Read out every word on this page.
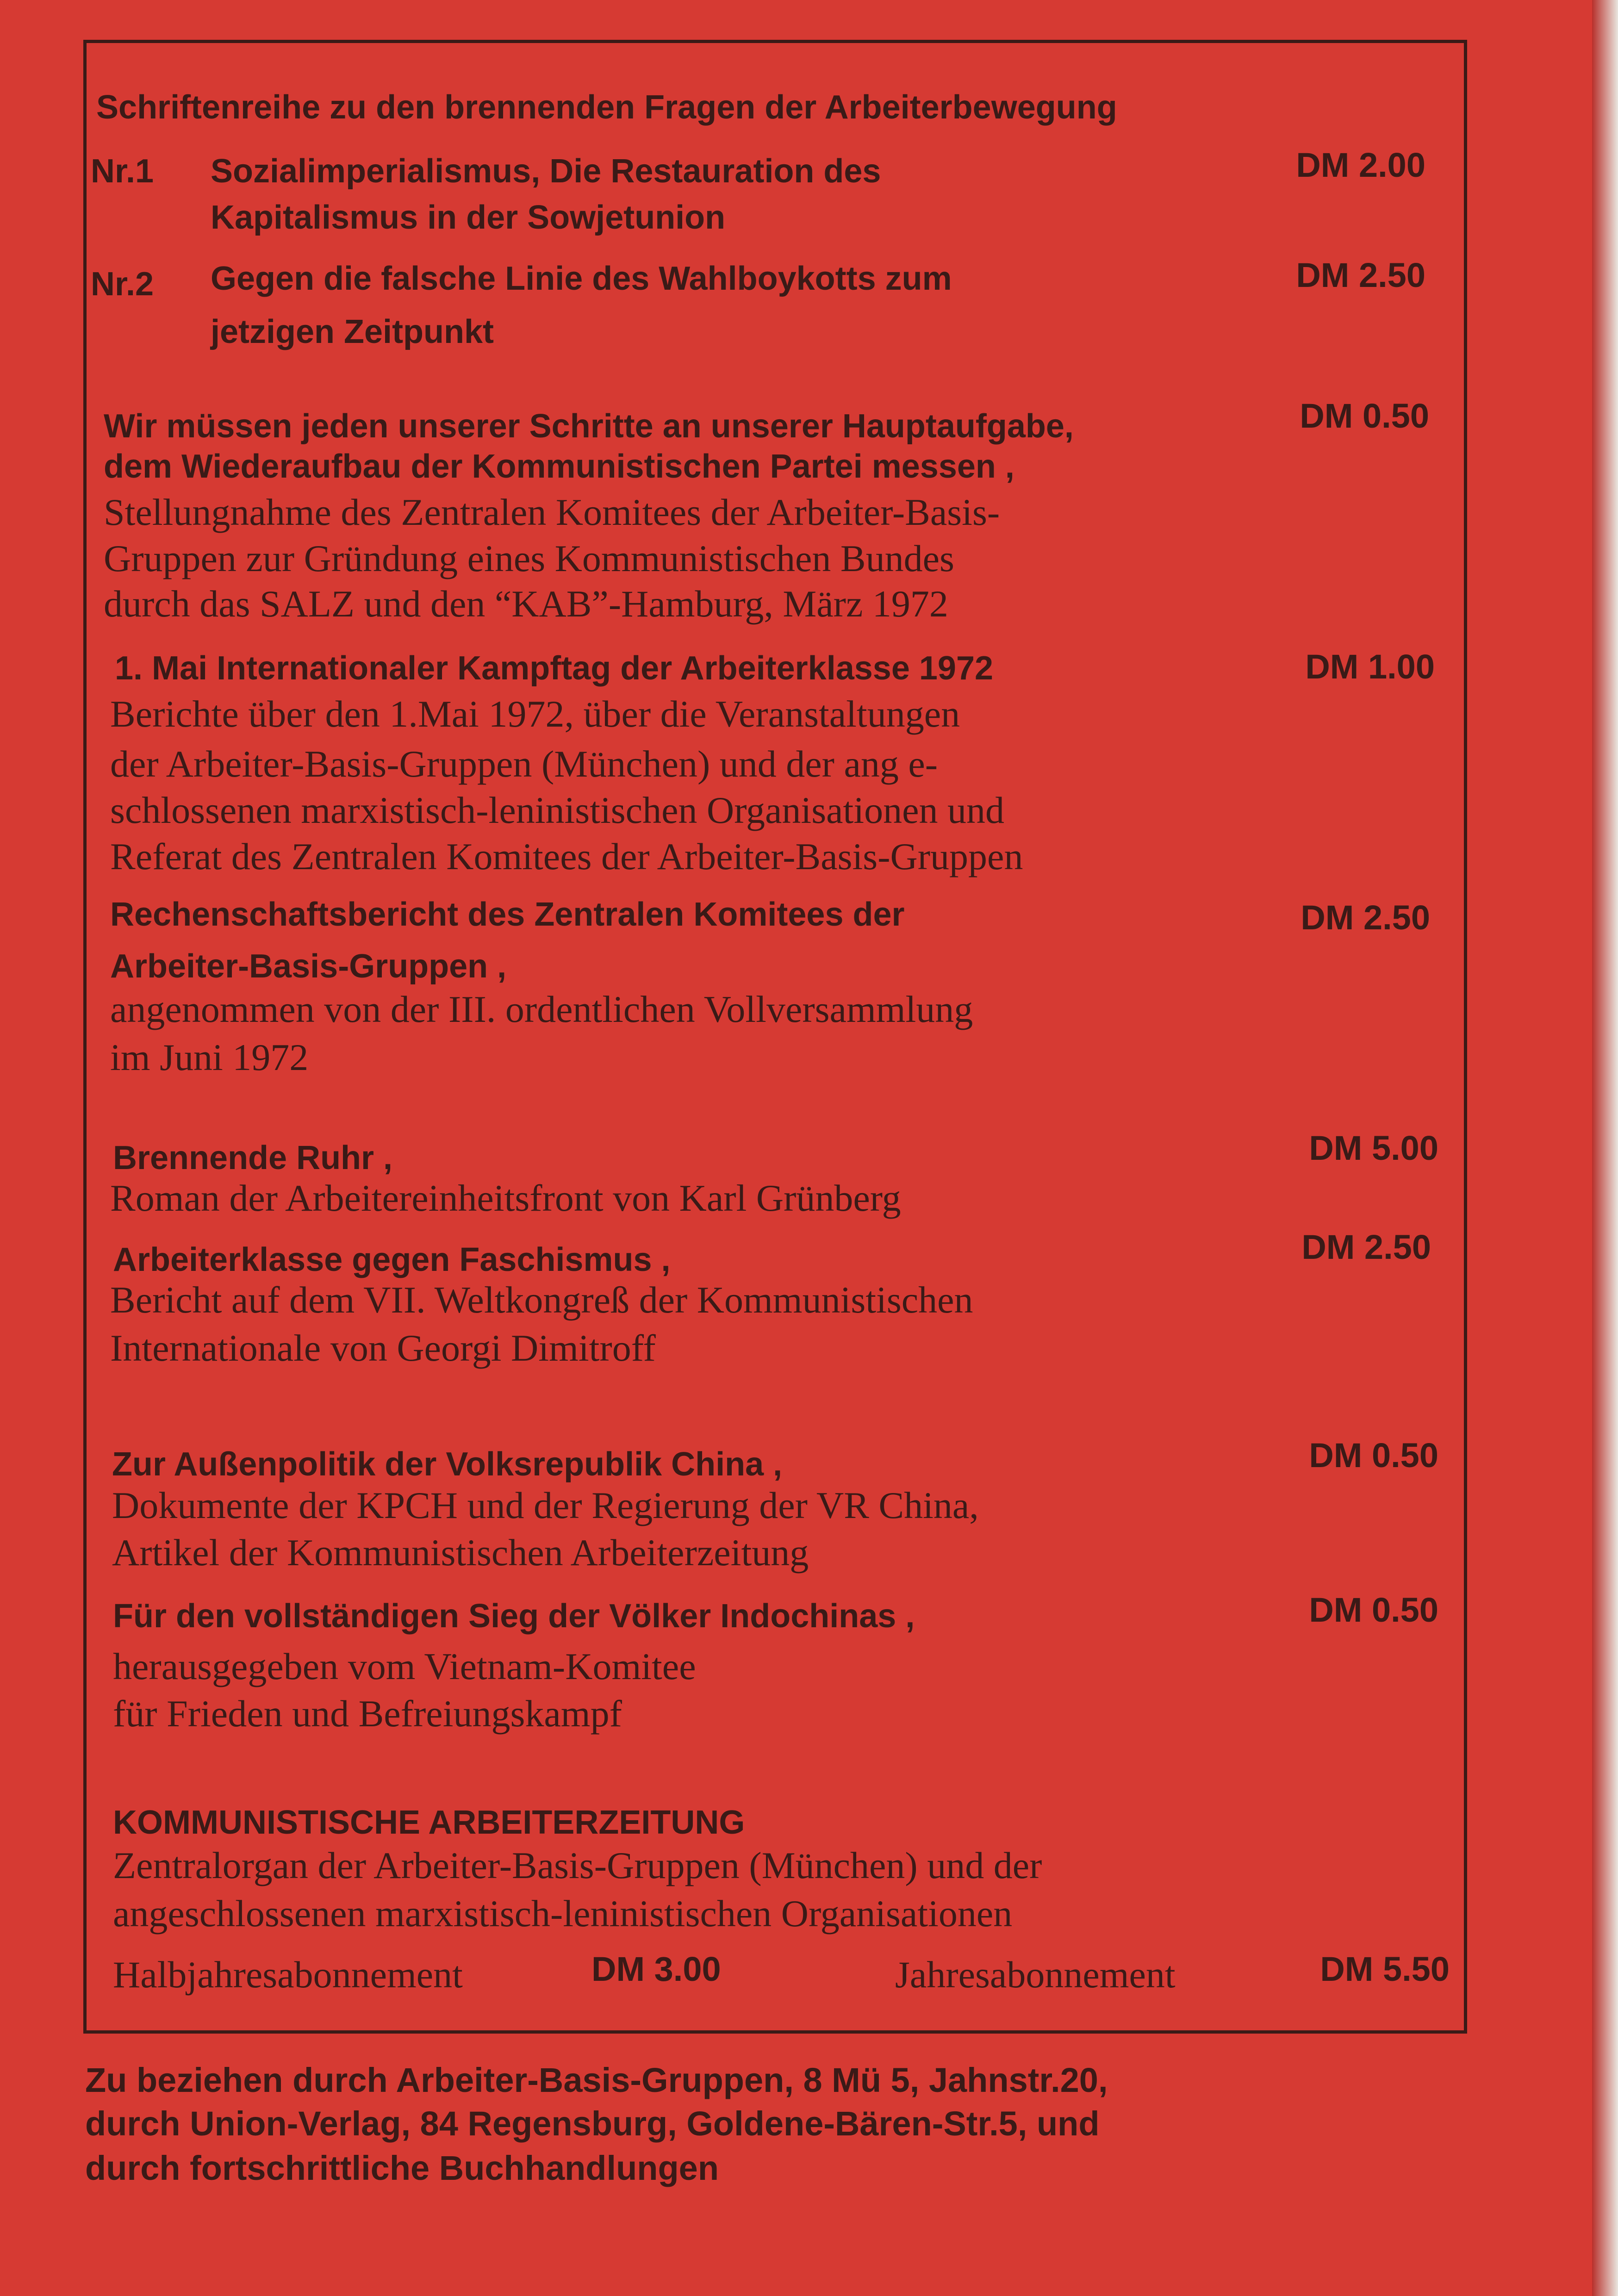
Schriftenreihe zu den brennenden Fragen der Arbeiterbewegung
Nr.1 Sozialimperialismus, Die Restauration des
Kapitalismus in der Sowjetunion
DM 2.00
Nr.2 Gegen die falsche Linie des Wahlboykotts zum
jetzigen Zeitpunkt
DM 2.50
Wir müssen jeden unserer Schritte an unserer Hauptaufgabe,
dem Wiederaufbau der Kommunistischen Partei messen ,
Stellungnahme des Zentralen Komitees der Arbeiter-Basis-
Gruppen zur Gründung eines Kommunistischen Bundes
durch das SALZ und den “KAB”-Hamburg, März 1972
DM 0.50
1. Mai Internationaler Kampftag der Arbeiterklasse 1972
Berichte über den 1.Mai 1972, über die Veranstaltungen
der Arbeiter-Basis-Gruppen (München) und der ang e-
schlossenen marxistisch-leninistischen Organisationen und
Referat des Zentralen Komitees der Arbeiter-Basis-Gruppen
DM 1.00
Rechenschaftsbericht des Zentralen Komitees der
Arbeiter-Basis-Gruppen ,
angenommen von der III. ordentlichen Vollversammlung
im Juni 1972
DM 2.50
Brennende Ruhr ,
Roman der Arbeitereinheitsfront von Karl Grünberg
DM 5.00
Arbeiterklasse gegen Faschismus ,
Bericht auf dem VII. Weltkongreß der Kommunistischen
Internationale von Georgi Dimitroff
DM 2.50
Zur Außenpolitik der Volksrepublik China ,
Dokumente der KPCH und der Regierung der VR China,
Artikel der Kommunistischen Arbeiterzeitung
DM 0.50
Für den vollständigen Sieg der Völker Indochinas ,
herausgegeben vom Vietnam-Komitee
für Frieden und Befreiungskampf
DM 0.50
KOMMUNISTISCHE ARBEITERZEITUNG
Zentralorgan der Arbeiter-Basis-Gruppen (München) und der
angeschlossenen marxistisch-leninistischen Organisationen
Halbjahresabonnement	DM 3.00	Jahresabonnement	DM 5.50
Zu beziehen durch Arbeiter-Basis-Gruppen, 8 Mü 5, Jahnstr.20,
durch Union-Verlag, 84 Regensburg, Goldene-Bären-Str.5, und
durch fortschrittliche Buchhandlungen
